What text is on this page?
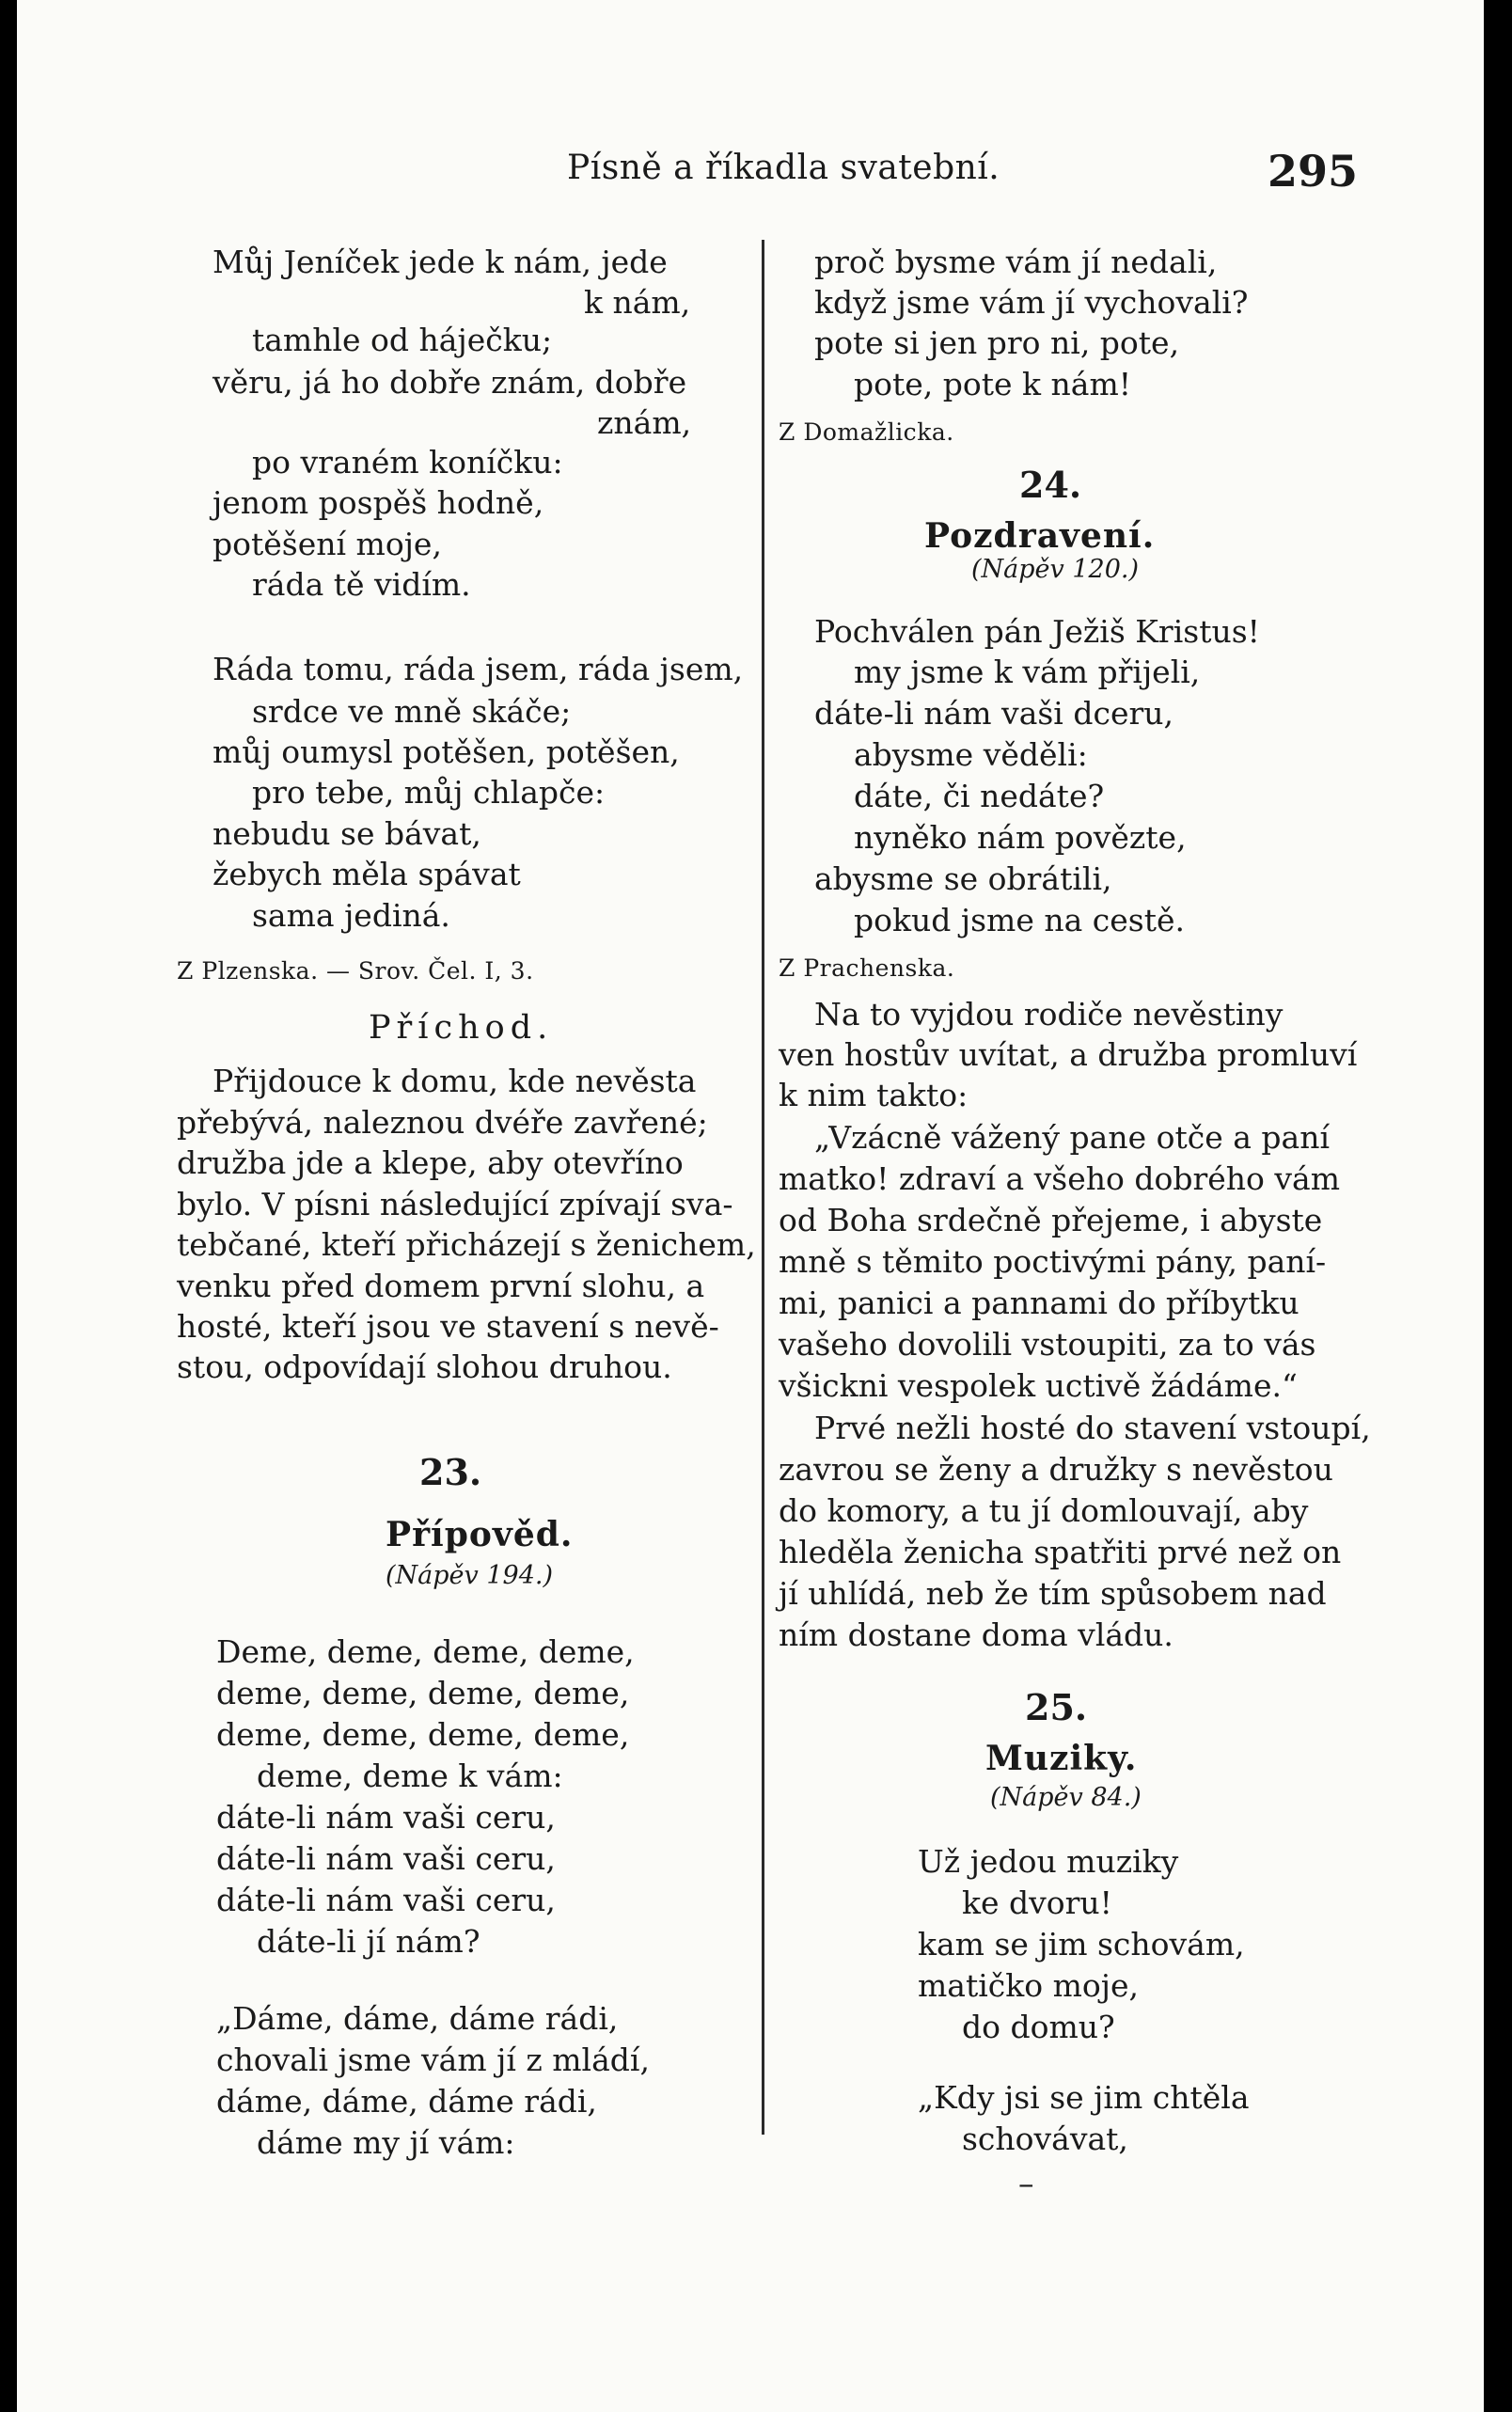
Písně a říkadla svatební.	295
Můj Jeníček jede k nám, jede
k nám,
tamhle od háječku;
věru, já ho dobře znám, dobře
znám,
po vraném koníčku:
jenom pospěš hodně,
potěšení moje,
ráda tě vidím.
Ráda tomu, ráda jsem, ráda jsem,
srdce ve mně skáče;
můj oumysl potěšen, potěšen,
pro tebe, můj chlapče:
nebudu se bávat,
žebych měla spávat
sama jediná.
Z Plzenska. — Srov. Čel. I, 3.
Příchod.
Přijdouce k domu, kde nevěsta
přebývá, naleznou dvéře zavřené;
družba jde a klepe, aby otevříno
bylo. V písni následující zpívají sva-
tebčané, kteří přicházejí s ženichem,
venku před domem první slohu, a
hosté, kteří jsou ve stavení s nevě-
stou, odpovídají slohou druhou.
23.
Přípověd.
(Nápěv 194.)
Deme, deme, deme, deme,
deme, deme, deme, deme,
deme, deme, deme, deme,
deme, deme k vám:
dáte-li nám vaši ceru,
dáte-li nám vaši ceru,
dáte-li nám vaši ceru,
dáte-li jí nám?
„Dáme, dáme, dáme rádi,
chovali jsme vám jí z mládí,
dáme, dáme, dáme rádi,
dáme my jí vám:
proč bysme vám jí nedali,
když jsme vám jí vychovali?
pote si jen pro ni, pote,
pote, pote k nám!
Z Domažlicka.
24.
Pozdravení.
(Nápěv 120.)
Pochválen pán Ježiš Kristus!
my jsme k vám přijeli,
dáte-li nám vaši dceru,
abysme věděli:
dáte, či nedáte?
nyněko nám povězte,
abysme se obrátili,
pokud jsme na cestě.
Z Prachenska.
Na to vyjdou rodiče nevěstiny
ven hostův uvítat, a družba promluví
k nim takto:
„Vzácně vážený pane otče a paní
matko! zdraví a všeho dobrého vám
od Boha srdečně přejeme, i abyste
mně s těmito poctivými pány, paní-
mi, panici a pannami do příbytku
vašeho dovolili vstoupiti, za to vás
všickni vespolek uctivě žádáme.“
Prvé nežli hosté do stavení vstoupí,
zavrou se ženy a družky s nevěstou
do komory, a tu jí domlouvají, aby
hleděla ženicha spatřiti prvé než on
jí uhlídá, neb že tím spůsobem nad
ním dostane doma vládu.
25.
Muziky.
(Nápěv 84.)
Už jedou muziky
ke dvoru!
kam se jim schovám,
matičko moje,
do domu?
„Kdy jsi se jim chtěla
schovávat,
–
